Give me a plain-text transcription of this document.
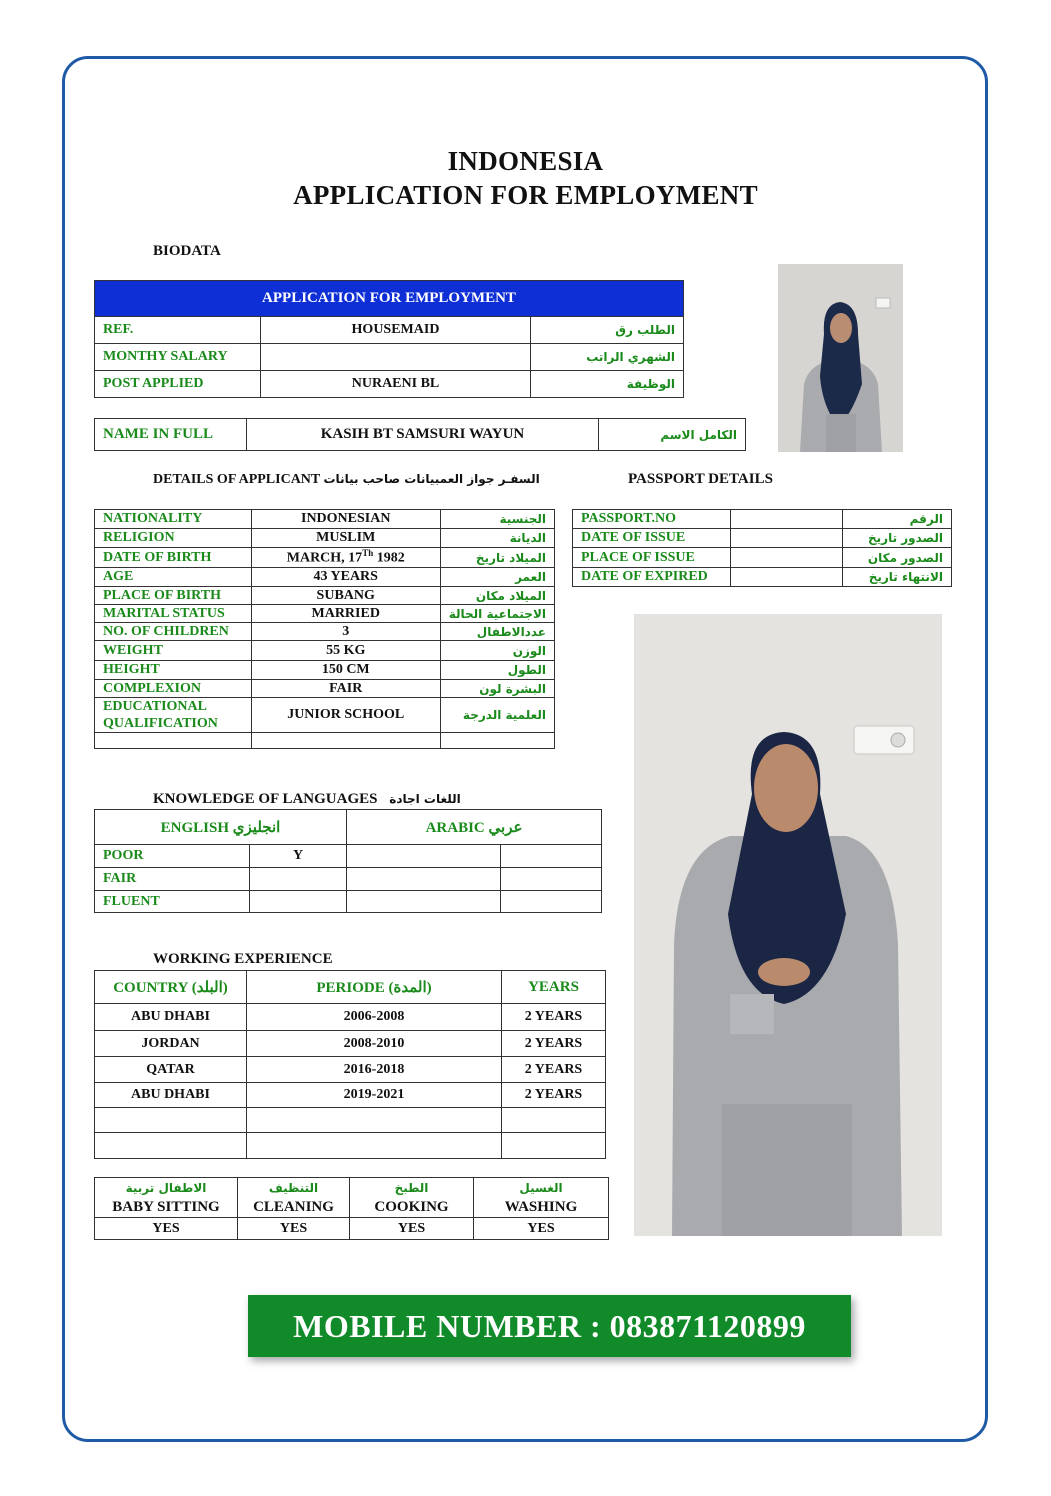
INDONESIA
APPLICATION FOR EMPLOYMENT
BIODATA
APPLICATION FOR EMPLOYMENT		
REF.	HOUSEMAID	الطلب رق
MONTHY SALARY		الشهري الراتب
POST APPLIED	NURAENI BL	الوظيفة
NAME IN FULL	KASIH BT SAMSURI WAYUN	الكامل الاسم
DETAILS OF APPLICANT السفـر جواز العمبيانات صاحب بيانات	PASSPORT DETAILS
NATIONALITY	INDONESIAN	الجنسية
RELIGION	MUSLIM	الديانة
DATE OF BIRTH	MARCH, 17Th 1982	الميلاد تاريخ
AGE	43 YEARS	العمر
PLACE OF BIRTH	SUBANG	الميلاد مكان
MARITAL STATUS	MARRIED	الاجتماعية الحالة
NO. OF CHILDREN	3	عددالاطفال
WEIGHT	55 KG	الوزن
HEIGHT	150 CM	الطول
COMPLEXION	FAIR	البشرة لون
EDUCATIONAL QUALIFICATION	JUNIOR SCHOOL	العلمية الدرجة

PASSPORT.NO		الرقم
DATE OF ISSUE		الصدور تاريخ
PLACE OF ISSUE		الصدور مكان
DATE OF EXPIRED		الانتهاء تاريخ
KNOWLEDGE OF LANGUAGES اللغات اجادة
ENGLISH انجليزي		ARABIC عربي	
POOR	Y		
FAIR			
FLUENT			
WORKING EXPERIENCE
COUNTRY (البلد)	PERIODE (المدة)	YEARS
ABU DHABI	2006-2008	2 YEARS
JORDAN	2008-2010	2 YEARS
QATAR	2016-2018	2 YEARS
ABU DHABI	2019-2021	2 YEARS

الاطفال تربية	التنظيف	الطبخ	الغسيل
BABY SITTING	CLEANING	COOKING	WASHING
YES	YES	YES	YES
MOBILE NUMBER : 083871120899
